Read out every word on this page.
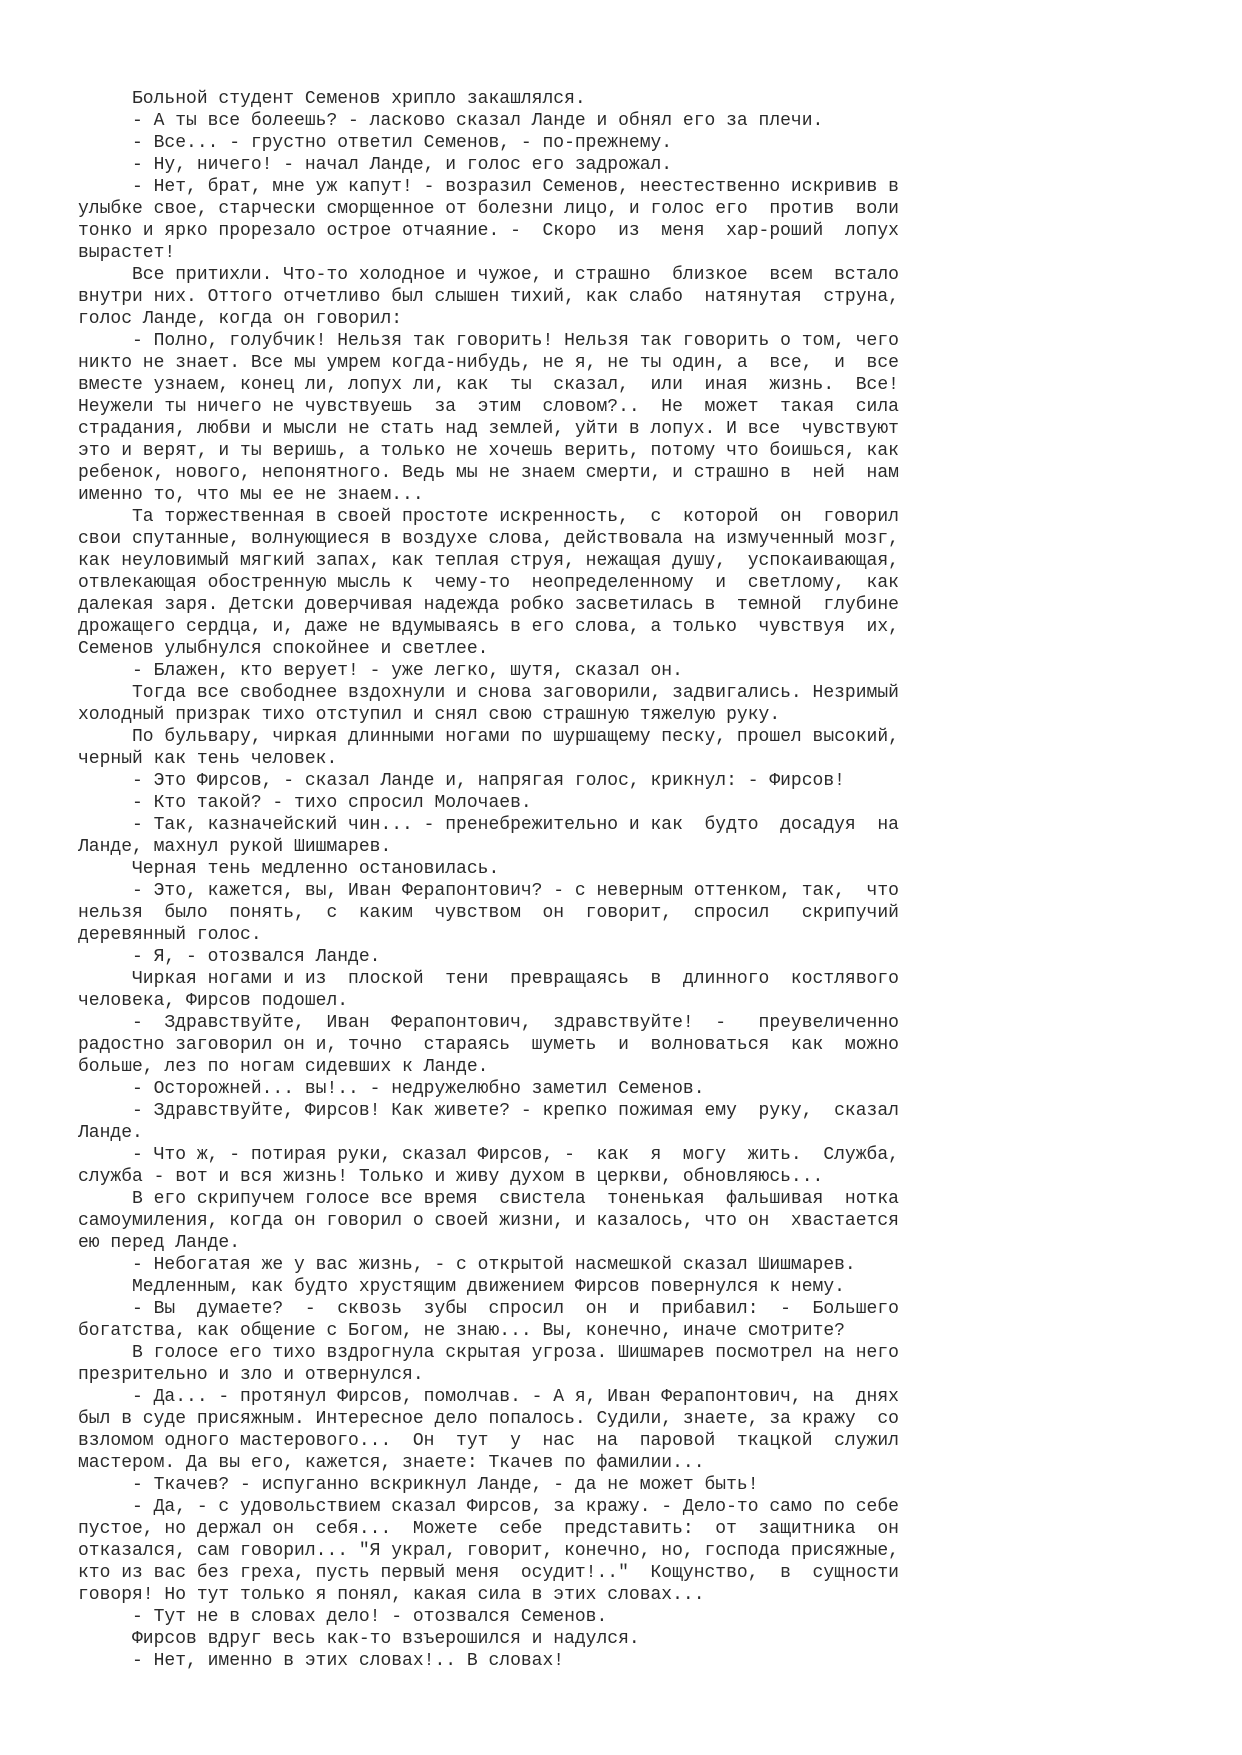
Больной студент Семенов хрипло закашлялся.
- А ты все болеешь? - ласково сказал Ланде и обнял его за плечи.
- Все... - грустно ответил Семенов, - по-прежнему.
- Ну, ничего! - начал Ланде, и голос его задрожал.
- Нет, брат, мне уж капут! - возразил Семенов, неестественно искривив в
улыбке свое, старчески сморщенное от болезни лицо, и голос его  против  воли
тонко и ярко прорезало острое отчаяние. -  Скоро  из  меня  хар-роший  лопух
вырастет!
Все притихли. Что-то холодное и чужое, и страшно  близкое  всем  встало
внутри них. Оттого отчетливо был слышен тихий, как слабо  натянутая  струна,
голос Ланде, когда он говорил:
- Полно, голубчик! Нельзя так говорить! Нельзя так говорить о том, чего
никто не знает. Все мы умрем когда-нибудь, не я, не ты один, а  все,  и  все
вместе узнаем, конец ли, лопух ли, как  ты  сказал,  или  иная  жизнь.  Все!
Неужели ты ничего не чувствуешь  за  этим  словом?..  Не  может  такая  сила
страдания, любви и мысли не стать над землей, уйти в лопух. И все  чувствуют
это и верят, и ты веришь, а только не хочешь верить, потому что боишься, как
ребенок, нового, непонятного. Ведь мы не знаем смерти, и страшно в  ней  нам
именно то, что мы ее не знаем...
Та торжественная в своей простоте искренность,  с  которой  он  говорил
свои спутанные, волнующиеся в воздухе слова, действовала на измученный мозг,
как неуловимый мягкий запах, как теплая струя, нежащая душу,  успокаивающая,
отвлекающая обостренную мысль к  чему-то  неопределенному  и  светлому,  как
далекая заря. Детски доверчивая надежда робко засветилась в  темной  глубине
дрожащего сердца, и, даже не вдумываясь в его слова, а только  чувствуя  их,
Семенов улыбнулся спокойнее и светлее.
- Блажен, кто верует! - уже легко, шутя, сказал он.
Тогда все свободнее вздохнули и снова заговорили, задвигались. Незримый
холодный призрак тихо отступил и снял свою страшную тяжелую руку.
По бульвару, чиркая длинными ногами по шуршащему песку, прошел высокий,
черный как тень человек.
- Это Фирсов, - сказал Ланде и, напрягая голос, крикнул: - Фирсов!
- Кто такой? - тихо спросил Молочаев.
- Так, казначейский чин... - пренебрежительно и как  будто  досадуя  на
Ланде, махнул рукой Шишмарев.
Черная тень медленно остановилась.
- Это, кажется, вы, Иван Ферапонтович? - с неверным оттенком, так,  что
нельзя  было  понять,  с  каким  чувством  он  говорит,  спросил   скрипучий
деревянный голос.
- Я, - отозвался Ланде.
Чиркая ногами и из  плоской  тени  превращаясь  в  длинного  костлявого
человека, Фирсов подошел.
-  Здравствуйте,  Иван  Ферапонтович,  здравствуйте!  -   преувеличенно
радостно заговорил он и, точно  стараясь  шуметь  и  волноваться  как  можно
больше, лез по ногам сидевших к Ланде.
- Осторожней... вы!.. - недружелюбно заметил Семенов.
- Здравствуйте, Фирсов! Как живете? - крепко пожимая ему  руку,  сказал
Ланде.
- Что ж, - потирая руки, сказал Фирсов, -  как  я  могу  жить.  Служба,
служба - вот и вся жизнь! Только и живу духом в церкви, обновляюсь...
В его скрипучем голосе все время  свистела  тоненькая  фальшивая  нотка
самоумиления, когда он говорил о своей жизни, и казалось, что он  хвастается
ею перед Ланде.
- Небогатая же у вас жизнь, - с открытой насмешкой сказал Шишмарев.
Медленным, как будто хрустящим движением Фирсов повернулся к нему.
- Вы  думаете?  -  сквозь  зубы  спросил  он  и  прибавил:  -  Большего
богатства, как общение с Богом, не знаю... Вы, конечно, иначе смотрите?
В голосе его тихо вздрогнула скрытая угроза. Шишмарев посмотрел на него
презрительно и зло и отвернулся.
- Да... - протянул Фирсов, помолчав. - А я, Иван Ферапонтович, на  днях
был в суде присяжным. Интересное дело попалось. Судили, знаете, за кражу  со
взломом одного мастерового...  Он  тут  у  нас  на  паровой  ткацкой  служил
мастером. Да вы его, кажется, знаете: Ткачев по фамилии...
- Ткачев? - испуганно вскрикнул Ланде, - да не может быть!
- Да, - с удовольствием сказал Фирсов, за кражу. - Дело-то само по себе
пустое, но держал он  себя...  Можете  себе  представить:  от  защитника  он
отказался, сам говорил... "Я украл, говорит, конечно, но, господа присяжные,
кто из вас без греха, пусть первый меня  осудит!.."  Кощунство,  в  сущности
говоря! Но тут только я понял, какая сила в этих словах...
- Тут не в словах дело! - отозвался Семенов.
Фирсов вдруг весь как-то взъерошился и надулся.
- Нет, именно в этих словах!.. В словах!
